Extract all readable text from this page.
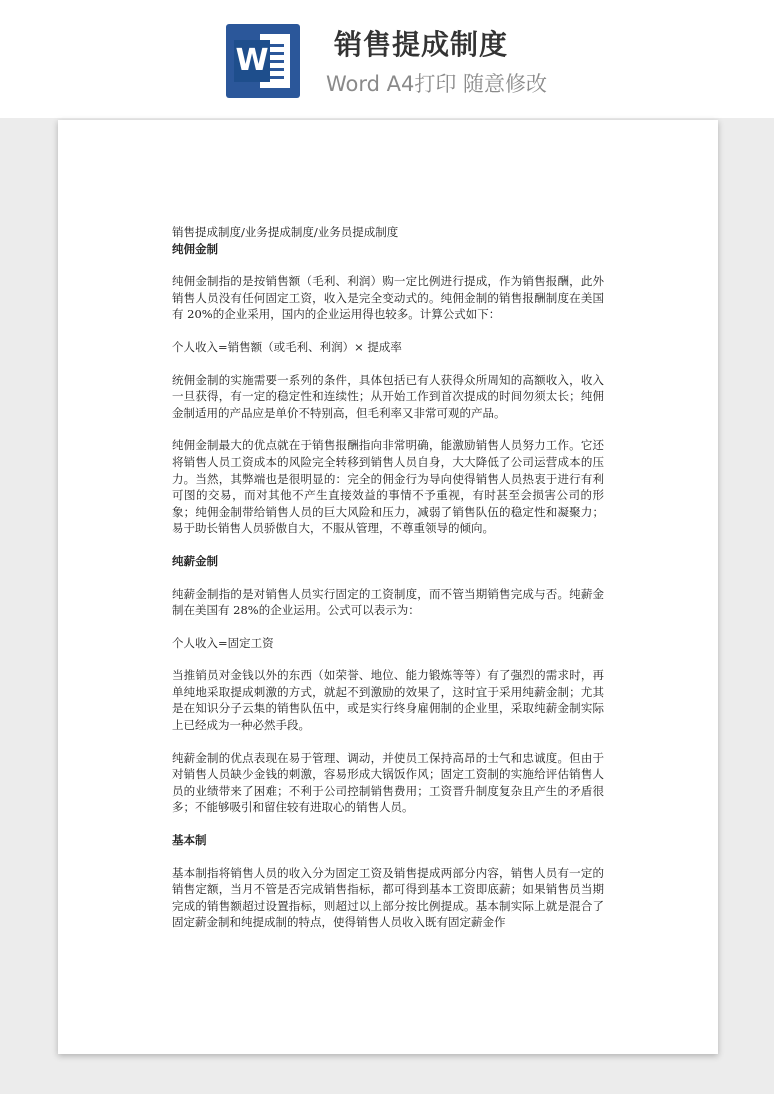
W 销售提成制度
Word A4打印 随意修改

销售提成制度/业务提成制度/业务员提成制度

纯佣金制

纯佣金制指的是按销售额（毛利、利润）购一定比例进行提成，作为销售报酬，此外销售人员没有任何固定工资，收入是完全变动式的。纯佣金制的销售报酬制度在美国有 20%的企业采用，国内的企业运用得也较多。计算公式如下：

个人收入=销售额（或毛利、利润）× 提成率

统佣金制的实施需要一系列的条件，具体包括已有人获得众所周知的高额收入，收入一旦获得，有一定的稳定性和连续性；从开始工作到首次提成的时间勿须太长；纯佣金制适用的产品应是单价不特别高，但毛利率又非常可观的产品。

纯佣金制最大的优点就在于销售报酬指向非常明确，能激励销售人员努力工作。它还将销售人员工资成本的风险完全转移到销售人员自身，大大降低了公司运营成本的压力。当然，其弊端也是很明显的：完全的佣金行为导向使得销售人员热衷于进行有利可图的交易，而对其他不产生直接效益的事情不予重视，有时甚至会损害公司的形象；纯佣金制带给销售人员的巨大风险和压力，减弱了销售队伍的稳定性和凝聚力；易于助长销售人员骄傲自大，不服从管理，不尊重领导的倾向。

纯薪金制

纯薪金制指的是对销售人员实行固定的工资制度，而不管当期销售完成与否。纯薪金制在美国有 28%的企业运用。公式可以表示为：

个人收入=固定工资

当推销员对金钱以外的东西（如荣誉、地位、能力锻炼等等）有了强烈的需求时，再单纯地采取提成刺激的方式，就起不到激励的效果了，这时宜于采用纯薪金制；尤其是在知识分子云集的销售队伍中，或是实行终身雇佣制的企业里，采取纯薪金制实际上已经成为一种必然手段。

纯薪金制的优点表现在易于管理、调动，并使员工保持高昂的士气和忠诚度。但由于对销售人员缺少金钱的刺激，容易形成大锅饭作风；固定工资制的实施给评估销售人员的业绩带来了困难；不利于公司控制销售费用；工资晋升制度复杂且产生的矛盾很多；不能够吸引和留住较有进取心的销售人员。

基本制

基本制指将销售人员的收入分为固定工资及销售提成两部分内容，销售人员有一定的销售定额，当月不管是否完成销售指标，都可得到基本工资即底薪；如果销售员当期完成的销售额超过设置指标，则超过以上部分按比例提成。基本制实际上就是混合了固定薪金制和纯提成制的特点，使得销售人员收入既有固定薪金作
